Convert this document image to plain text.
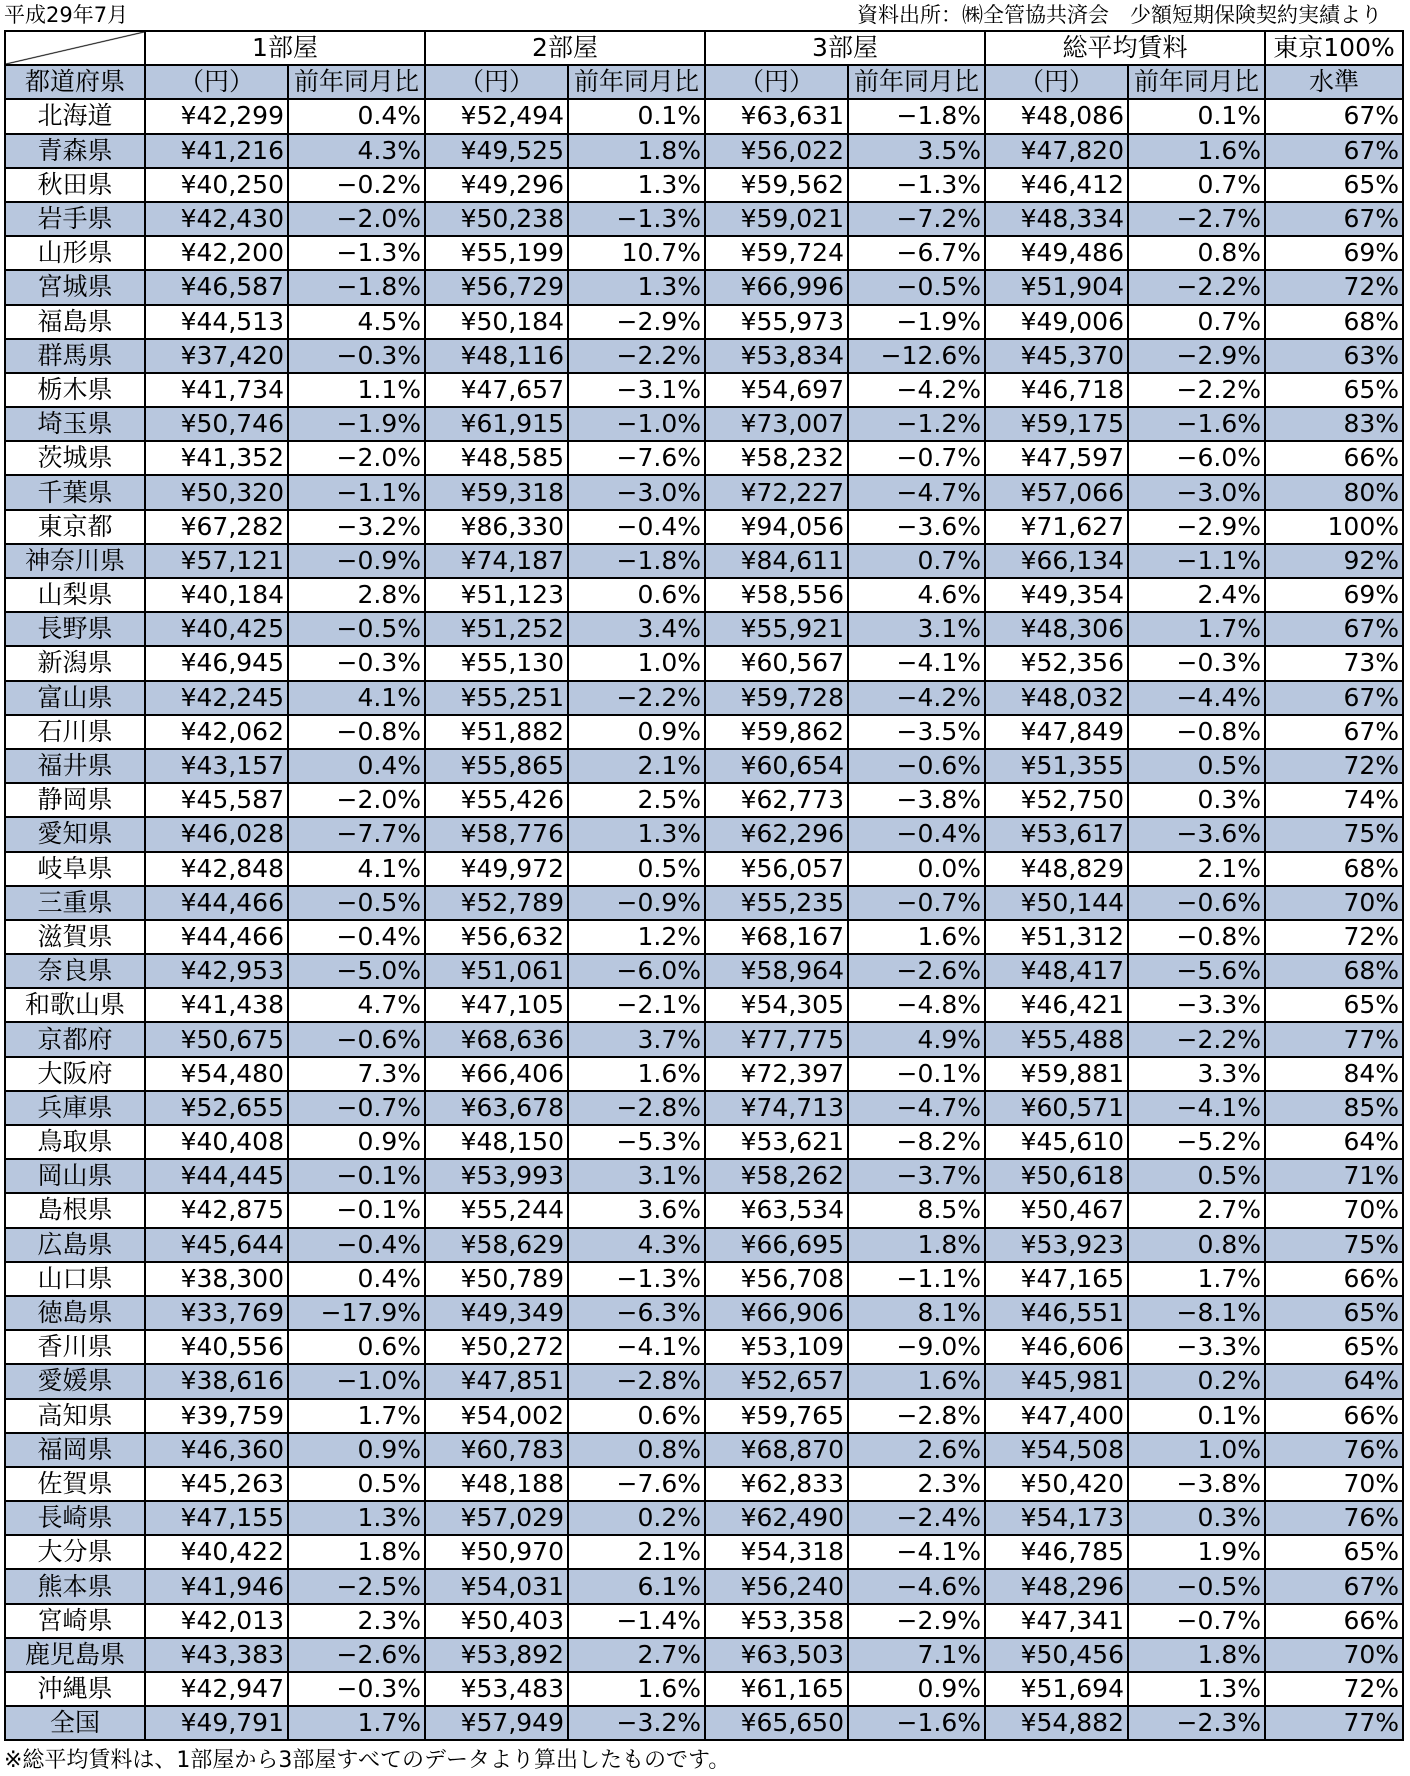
平成29年7月	資料出所：㈱全管協共済会　少額短期保険契約実績より
	1部屋		2部屋		3部屋		総平均賃料		東京100%
都道府県	（円）	前年同月比	（円）	前年同月比	（円）	前年同月比	（円）	前年同月比	水準
北海道	¥42,299	0.4%	¥52,494	0.1%	¥63,631	−1.8%	¥48,086	0.1%	67%
青森県	¥41,216	4.3%	¥49,525	1.8%	¥56,022	3.5%	¥47,820	1.6%	67%
秋田県	¥40,250	−0.2%	¥49,296	1.3%	¥59,562	−1.3%	¥46,412	0.7%	65%
岩手県	¥42,430	−2.0%	¥50,238	−1.3%	¥59,021	−7.2%	¥48,334	−2.7%	67%
山形県	¥42,200	−1.3%	¥55,199	10.7%	¥59,724	−6.7%	¥49,486	0.8%	69%
宮城県	¥46,587	−1.8%	¥56,729	1.3%	¥66,996	−0.5%	¥51,904	−2.2%	72%
福島県	¥44,513	4.5%	¥50,184	−2.9%	¥55,973	−1.9%	¥49,006	0.7%	68%
群馬県	¥37,420	−0.3%	¥48,116	−2.2%	¥53,834	−12.6%	¥45,370	−2.9%	63%
栃木県	¥41,734	1.1%	¥47,657	−3.1%	¥54,697	−4.2%	¥46,718	−2.2%	65%
埼玉県	¥50,746	−1.9%	¥61,915	−1.0%	¥73,007	−1.2%	¥59,175	−1.6%	83%
茨城県	¥41,352	−2.0%	¥48,585	−7.6%	¥58,232	−0.7%	¥47,597	−6.0%	66%
千葉県	¥50,320	−1.1%	¥59,318	−3.0%	¥72,227	−4.7%	¥57,066	−3.0%	80%
東京都	¥67,282	−3.2%	¥86,330	−0.4%	¥94,056	−3.6%	¥71,627	−2.9%	100%
神奈川県	¥57,121	−0.9%	¥74,187	−1.8%	¥84,611	0.7%	¥66,134	−1.1%	92%
山梨県	¥40,184	2.8%	¥51,123	0.6%	¥58,556	4.6%	¥49,354	2.4%	69%
長野県	¥40,425	−0.5%	¥51,252	3.4%	¥55,921	3.1%	¥48,306	1.7%	67%
新潟県	¥46,945	−0.3%	¥55,130	1.0%	¥60,567	−4.1%	¥52,356	−0.3%	73%
富山県	¥42,245	4.1%	¥55,251	−2.2%	¥59,728	−4.2%	¥48,032	−4.4%	67%
石川県	¥42,062	−0.8%	¥51,882	0.9%	¥59,862	−3.5%	¥47,849	−0.8%	67%
福井県	¥43,157	0.4%	¥55,865	2.1%	¥60,654	−0.6%	¥51,355	0.5%	72%
静岡県	¥45,587	−2.0%	¥55,426	2.5%	¥62,773	−3.8%	¥52,750	0.3%	74%
愛知県	¥46,028	−7.7%	¥58,776	1.3%	¥62,296	−0.4%	¥53,617	−3.6%	75%
岐阜県	¥42,848	4.1%	¥49,972	0.5%	¥56,057	0.0%	¥48,829	2.1%	68%
三重県	¥44,466	−0.5%	¥52,789	−0.9%	¥55,235	−0.7%	¥50,144	−0.6%	70%
滋賀県	¥44,466	−0.4%	¥56,632	1.2%	¥68,167	1.6%	¥51,312	−0.8%	72%
奈良県	¥42,953	−5.0%	¥51,061	−6.0%	¥58,964	−2.6%	¥48,417	−5.6%	68%
和歌山県	¥41,438	4.7%	¥47,105	−2.1%	¥54,305	−4.8%	¥46,421	−3.3%	65%
京都府	¥50,675	−0.6%	¥68,636	3.7%	¥77,775	4.9%	¥55,488	−2.2%	77%
大阪府	¥54,480	7.3%	¥66,406	1.6%	¥72,397	−0.1%	¥59,881	3.3%	84%
兵庫県	¥52,655	−0.7%	¥63,678	−2.8%	¥74,713	−4.7%	¥60,571	−4.1%	85%
鳥取県	¥40,408	0.9%	¥48,150	−5.3%	¥53,621	−8.2%	¥45,610	−5.2%	64%
岡山県	¥44,445	−0.1%	¥53,993	3.1%	¥58,262	−3.7%	¥50,618	0.5%	71%
島根県	¥42,875	−0.1%	¥55,244	3.6%	¥63,534	8.5%	¥50,467	2.7%	70%
広島県	¥45,644	−0.4%	¥58,629	4.3%	¥66,695	1.8%	¥53,923	0.8%	75%
山口県	¥38,300	0.4%	¥50,789	−1.3%	¥56,708	−1.1%	¥47,165	1.7%	66%
徳島県	¥33,769	−17.9%	¥49,349	−6.3%	¥66,906	8.1%	¥46,551	−8.1%	65%
香川県	¥40,556	0.6%	¥50,272	−4.1%	¥53,109	−9.0%	¥46,606	−3.3%	65%
愛媛県	¥38,616	−1.0%	¥47,851	−2.8%	¥52,657	1.6%	¥45,981	0.2%	64%
高知県	¥39,759	1.7%	¥54,002	0.6%	¥59,765	−2.8%	¥47,400	0.1%	66%
福岡県	¥46,360	0.9%	¥60,783	0.8%	¥68,870	2.6%	¥54,508	1.0%	76%
佐賀県	¥45,263	0.5%	¥48,188	−7.6%	¥62,833	2.3%	¥50,420	−3.8%	70%
長崎県	¥47,155	1.3%	¥57,029	0.2%	¥62,490	−2.4%	¥54,173	0.3%	76%
大分県	¥40,422	1.8%	¥50,970	2.1%	¥54,318	−4.1%	¥46,785	1.9%	65%
熊本県	¥41,946	−2.5%	¥54,031	6.1%	¥56,240	−4.6%	¥48,296	−0.5%	67%
宮崎県	¥42,013	2.3%	¥50,403	−1.4%	¥53,358	−2.9%	¥47,341	−0.7%	66%
鹿児島県	¥43,383	−2.6%	¥53,892	2.7%	¥63,503	7.1%	¥50,456	1.8%	70%
沖縄県	¥42,947	−0.3%	¥53,483	1.6%	¥61,165	0.9%	¥51,694	1.3%	72%
全国	¥49,791	1.7%	¥57,949	−3.2%	¥65,650	−1.6%	¥54,882	−2.3%	77%
※総平均賃料は、1部屋から3部屋すべてのデータより算出したものです。
